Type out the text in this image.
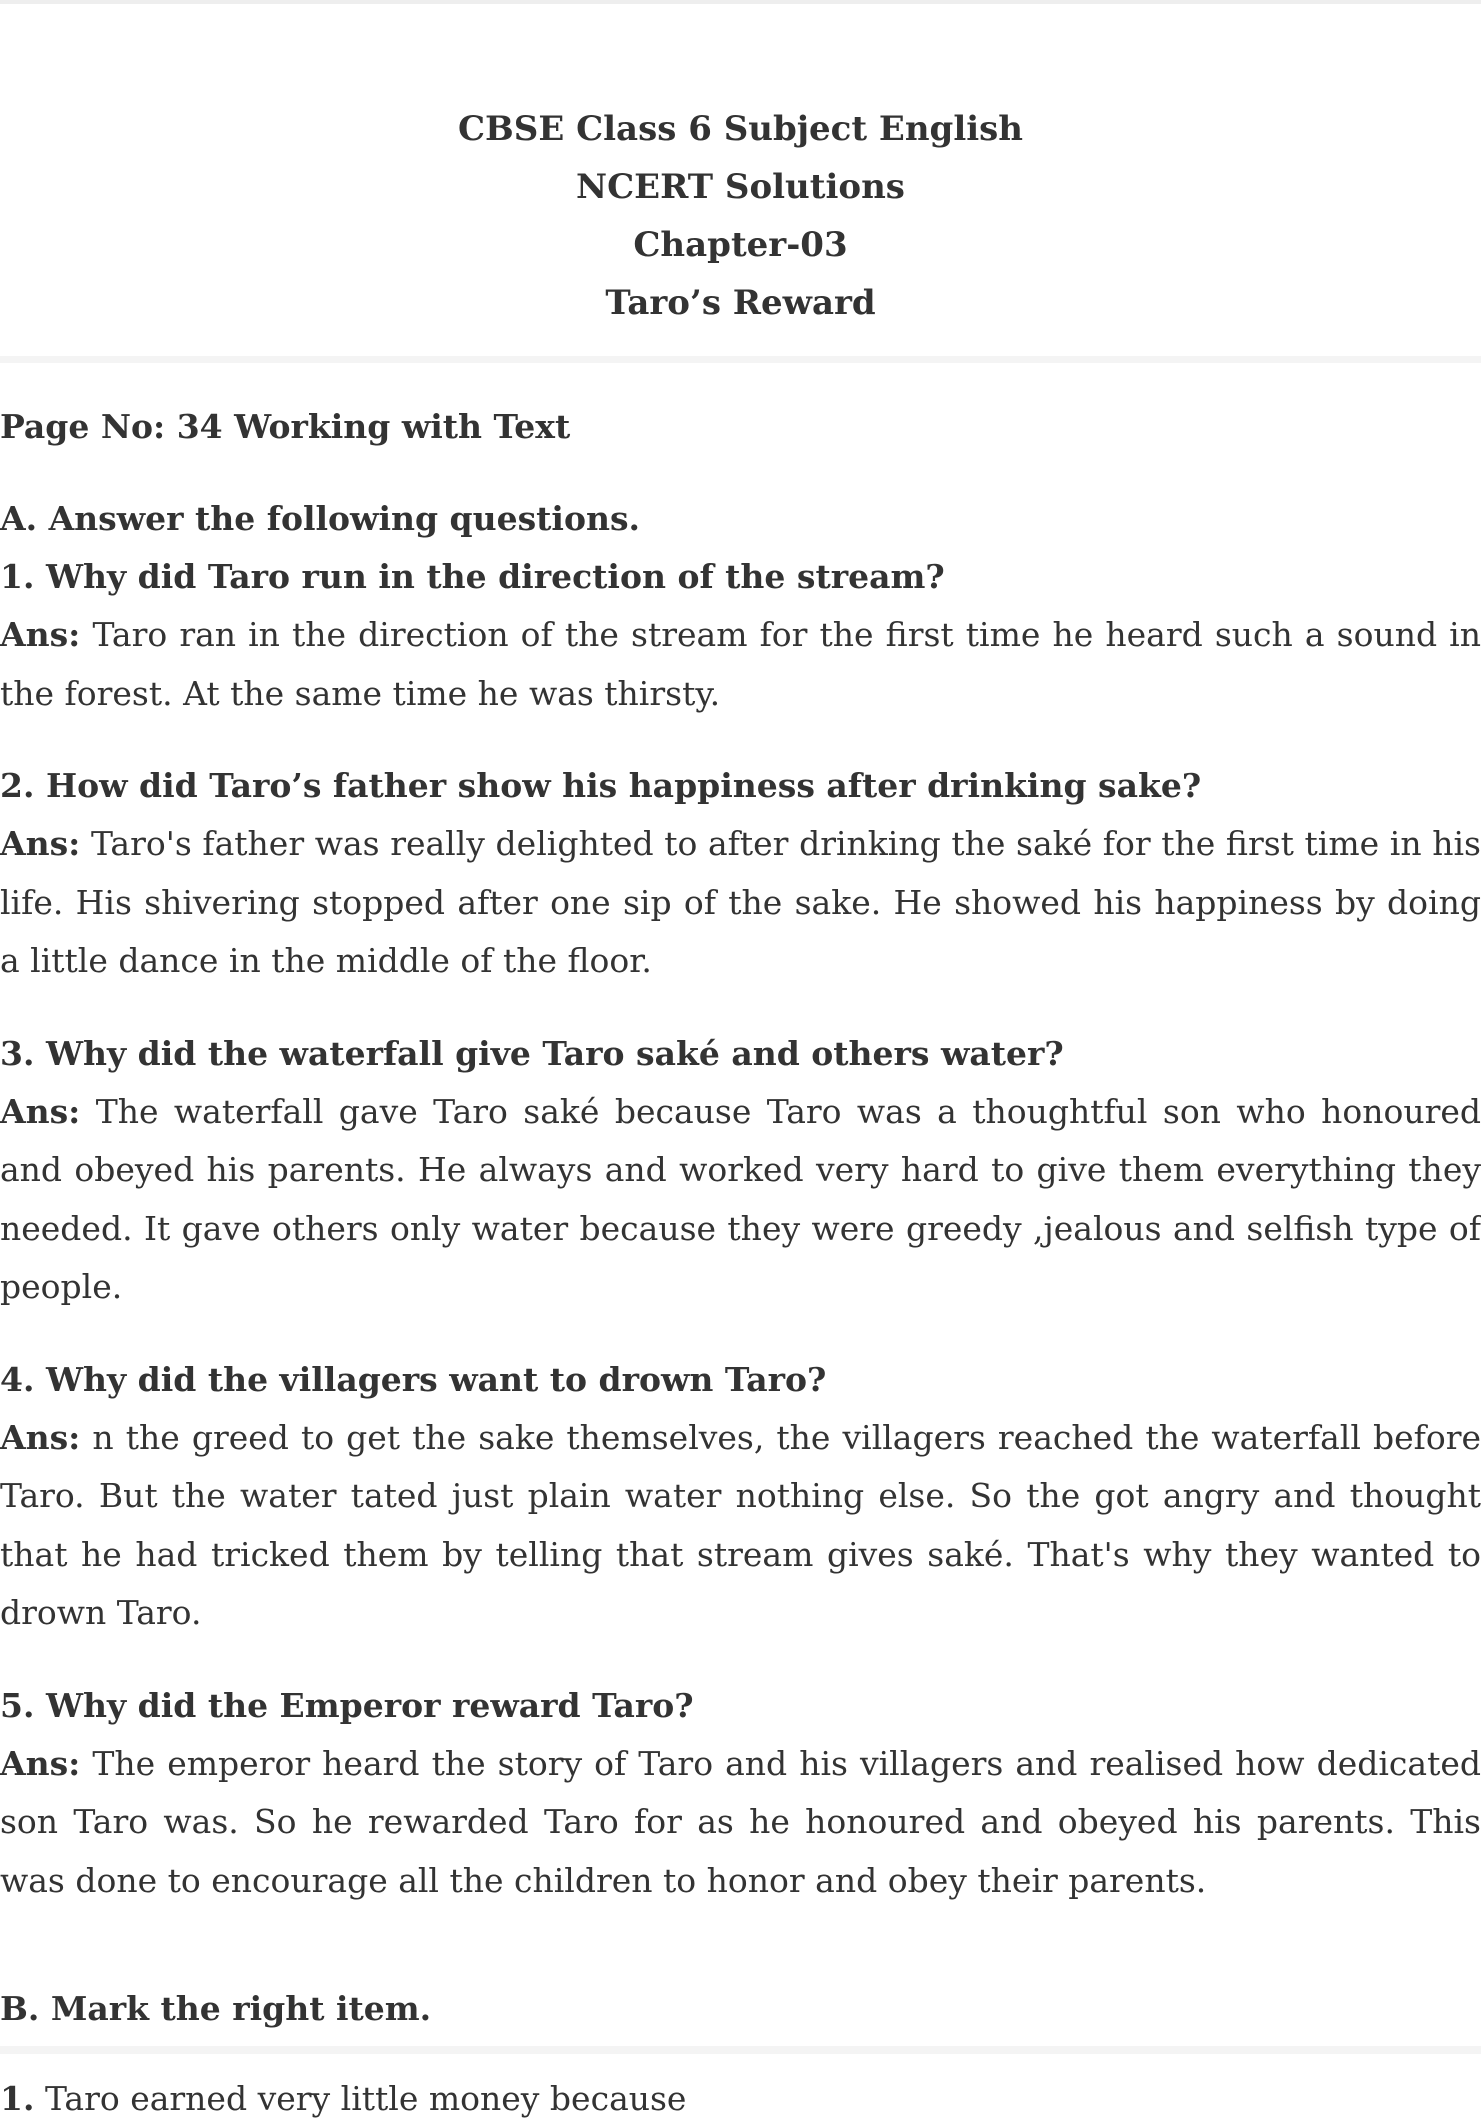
CBSE Class 6 Subject English
NCERT Solutions
Chapter-03
Taro’s Reward
Page No: 34 Working with Text
A. Answer the following questions.
1. Why did Taro run in the direction of the stream?
Ans: Taro ran in the direction of the stream for the first time he heard such a sound in the forest. At the same time he was thirsty.
2. How did Taro’s father show his happiness after drinking sake?
Ans: Taro's father was really delighted to after drinking the saké for the first time in his life. His shivering stopped after one sip of the sake. He showed his happiness by doing a little dance in the middle of the floor.
3. Why did the waterfall give Taro saké and others water?
Ans: The waterfall gave Taro saké because Taro was a thoughtful son who honoured and obeyed his parents. He always and worked very hard to give them everything they needed. It gave others only water because they were greedy ,jealous and selfish type of people.
4. Why did the villagers want to drown Taro?
Ans: n the greed to get the sake themselves, the villagers reached the waterfall before Taro. But the water tated just plain water nothing else. So the got angry and thought that he had tricked them by telling that stream gives saké. That's why they wanted to drown Taro.
5. Why did the Emperor reward Taro?
Ans: The emperor heard the story of Taro and his villagers and realised how dedicated son Taro was. So he rewarded Taro for as he honoured and obeyed his parents. This was done to encourage all the children to honor and obey their parents.
B. Mark the right item.
1. Taro earned very little money because
